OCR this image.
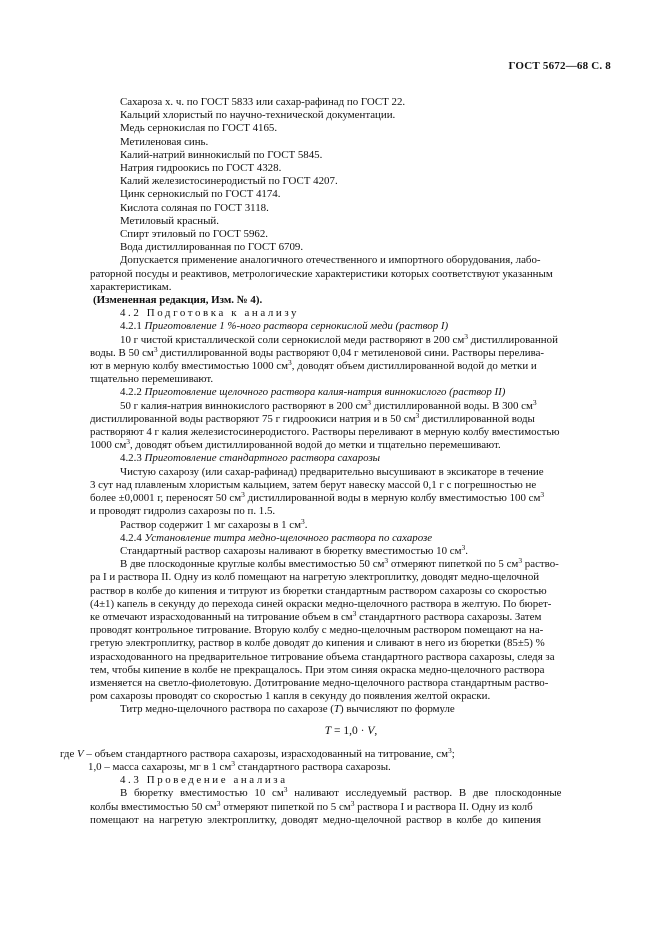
ГОСТ 5672—68 С. 8
Сахароза х. ч. по ГОСТ 5833 или сахар-рафинад по ГОСТ 22.
Кальций хлористый по научно-технической документации.
Медь сернокислая по ГОСТ 4165.
Метиленовая синь.
Калий-натрий виннокислый по ГОСТ 5845.
Натрия гидроокись по ГОСТ 4328.
Калий железистосинеродистый по ГОСТ 4207.
Цинк сернокислый по ГОСТ 4174.
Кислота соляная по ГОСТ 3118.
Метиловый красный.
Спирт этиловый по ГОСТ 5962.
Вода дистиллированная по ГОСТ 6709.
Допускается применение аналогичного отечественного и импортного оборудования, лабо-
раторной посуды и реактивов, метрологические характеристики которых соответствуют указанным
характеристикам.
(Измененная редакция, Изм. № 4).
4.2 Подготовка к анализу
4.2.1 Приготовление 1 %-ного раствора сернокислой меди (раствор I)
10 г чистой кристаллической соли сернокислой меди растворяют в 200 $см^3$ дистиллированной
воды. В 50 $см^3$ дистиллированной воды растворяют 0,04 г метиленовой сини. Растворы перелива-
ют в мерную колбу вместимостью 1000 $см^3$, доводят объем дистиллированной водой до метки и
тщательно перемешивают.
4.2.2 Приготовление щелочного раствора калия-натрия виннокислого (раствор II)
50 г калия-натрия виннокислого растворяют в 200 $см^3$ дистиллированной воды. В 300 $см^3$
дистиллированной воды растворяют 75 г гидроокиси натрия и в 50 $см^3$ дистиллированной воды
растворяют 4 г калия железистосинеродистого. Растворы переливают в мерную колбу вместимостью
1000 $см^3$, доводят объем дистиллированной водой до метки и тщательно перемешивают.
4.2.3 Приготовление стандартного раствора сахарозы
Чистую сахарозу (или сахар-рафинад) предварительно высушивают в эксикаторе в течение
3 сут над плавленым хлористым кальцием, затем берут навеску массой 0,1 г с погрешностью не
более ±0,0001 г, переносят 50 $см^3$ дистиллированной воды в мерную колбу вместимостью 100 $см^3$
и проводят гидролиз сахарозы по п. 1.5.
Раствор содержит 1 мг сахарозы в 1 $см^3$.
4.2.4 Установление титра медно-щелочного раствора по сахарозе
Стандартный раствор сахарозы наливают в бюретку вместимостью 10 $см^3$.
В две плоскодонные круглые колбы вместимостью 50 $см^3$ отмеряют пипеткой по 5 $см^3$ раство-
ра I и раствора II. Одну из колб помещают на нагретую электроплитку, доводят медно-щелочной
раствор в колбе до кипения и титруют из бюретки стандартным раствором сахарозы со скоростью
(4±1) капель в секунду до перехода синей окраски медно-щелочного раствора в желтую. По бюрет-
ке отмечают израсходованный на титрование объем в $см^3$ стандартного раствора сахарозы. Затем
проводят контрольное титрование. Вторую колбу с медно-щелочным раствором помещают на на-
гретую электроплитку, раствор в колбе доводят до кипения и сливают в него из бюретки (85±5) %
израсходованного на предварительное титрование объема стандартного раствора сахарозы, следя за
тем, чтобы кипение в колбе не прекращалось. При этом синяя окраска медно-щелочного раствора
изменяется на светло-фиолетовую. Дотитрование медно-щелочного раствора стандартным раство-
ром сахарозы проводят со скоростью 1 капля в секунду до появления желтой окраски.
Титр медно-щелочного раствора по сахарозе (T) вычисляют по формуле
T = 1,0 · V,
где V – объем стандартного раствора сахарозы, израсходованный на титрование, $см^3$;
1,0 – масса сахарозы, мг в 1 $см^3$ стандартного раствора сахарозы.
4.3 Проведение анализа
В бюретку вместимостью 10 $см^3$ наливают исследуемый раствор. В две плоскодонные
колбы вместимостью 50 $см^3$ отмеряют пипеткой по 5 $см^3$ раствора I и раствора II. Одну из колб
помещают на нагретую электроплитку, доводят медно-щелочной раствор в колбе до кипения
